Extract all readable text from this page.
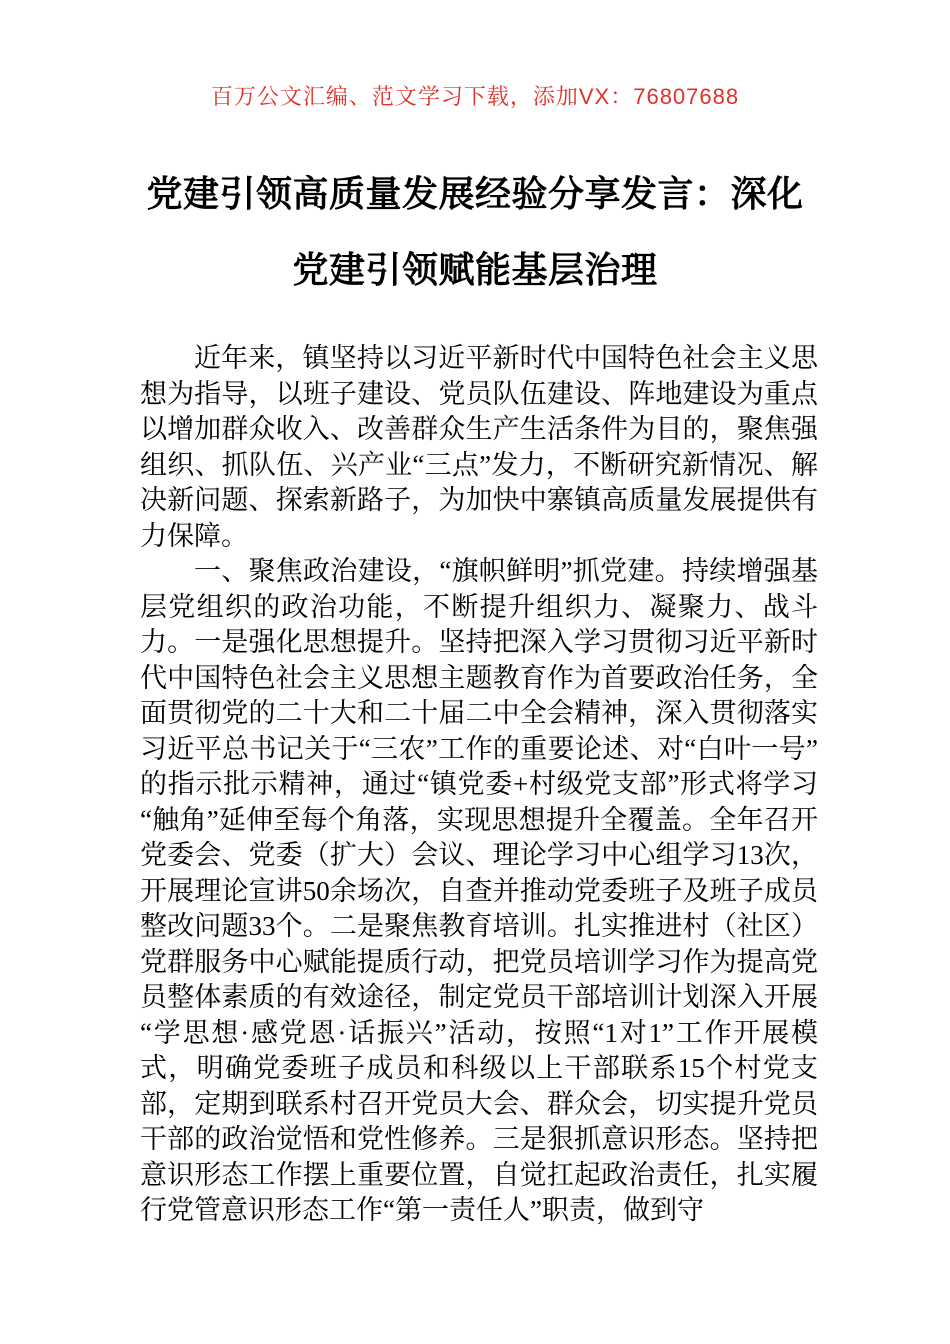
百万公文汇编、范文学习下载，添加VX：76807688
党建引领高质量发展经验分享发言：深化
党建引领赋能基层治理

近年来，镇坚持以习近平新时代中国特色社会主义思想为指导，以班子建设、党员队伍建设、阵地建设为重点以增加群众收入、改善群众生产生活条件为目的，聚焦强组织、抓队伍、兴产业“三点”发力，不断研究新情况、解决新问题、探索新路子，为加快中寨镇高质量发展提供有力保障。

一、聚焦政治建设，“旗帜鲜明”抓党建。持续增强基层党组织的政治功能，不断提升组织力、凝聚力、战斗力。一是强化思想提升。坚持把深入学习贯彻习近平新时代中国特色社会主义思想主题教育作为首要政治任务，全面贯彻党的二十大和二十届二中全会精神，深入贯彻落实习近平总书记关于“三农”工作的重要论述、对“白叶一号”的指示批示精神，通过“镇党委+村级党支部”形式将学习“触角”延伸至每个角落，实现思想提升全覆盖。全年召开党委会、党委（扩大）会议、理论学习中心组学习13次，开展理论宣讲50余场次，自查并推动党委班子及班子成员整改问题33个。二是聚焦教育培训。扎实推进村（社区）党群服务中心赋能提质行动，把党员培训学习作为提高党员整体素质的有效途径，制定党员干部培训计划深入开展“学思想·感党恩·话振兴”活动，按照“1对1”工作开展模式，明确党委班子成员和科级以上干部联系15个村党支部，定期到联系村召开党员大会、群众会，切实提升党员干部的政治觉悟和党性修养。三是狠抓意识形态。坚持把意识形态工作摆上重要位置，自觉扛起政治责任，扎实履行党管意识形态工作“第一责任人”职责，做到守
